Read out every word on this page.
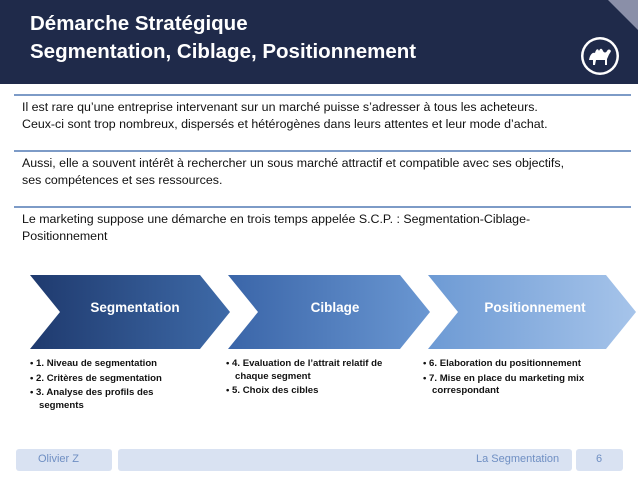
Démarche Stratégique
Segmentation, Ciblage, Positionnement
Il est rare qu’une entreprise intervenant sur un marché puisse s’adresser à tous les acheteurs.
Ceux-ci sont trop nombreux, dispersés et hétérogènes dans leurs attentes et leur mode d’achat.
Aussi, elle a souvent intérêt à rechercher un sous marché attractif et compatible avec ses objectifs,
ses compétences et ses ressources.
Le marketing suppose une démarche en trois temps appelée S.C.P. : Segmentation-Ciblage-
Positionnement
Segmentation	Ciblage	Positionnement
• 1. Niveau de segmentation
• 2. Critères de segmentation
• 3. Analyse des profils des segments
• 4. Evaluation de l’attrait relatif de chaque segment
• 5. Choix des cibles
• 6. Elaboration du positionnement
• 7. Mise en place du marketing mix correspondant
Olivier Z	La Segmentation	6
